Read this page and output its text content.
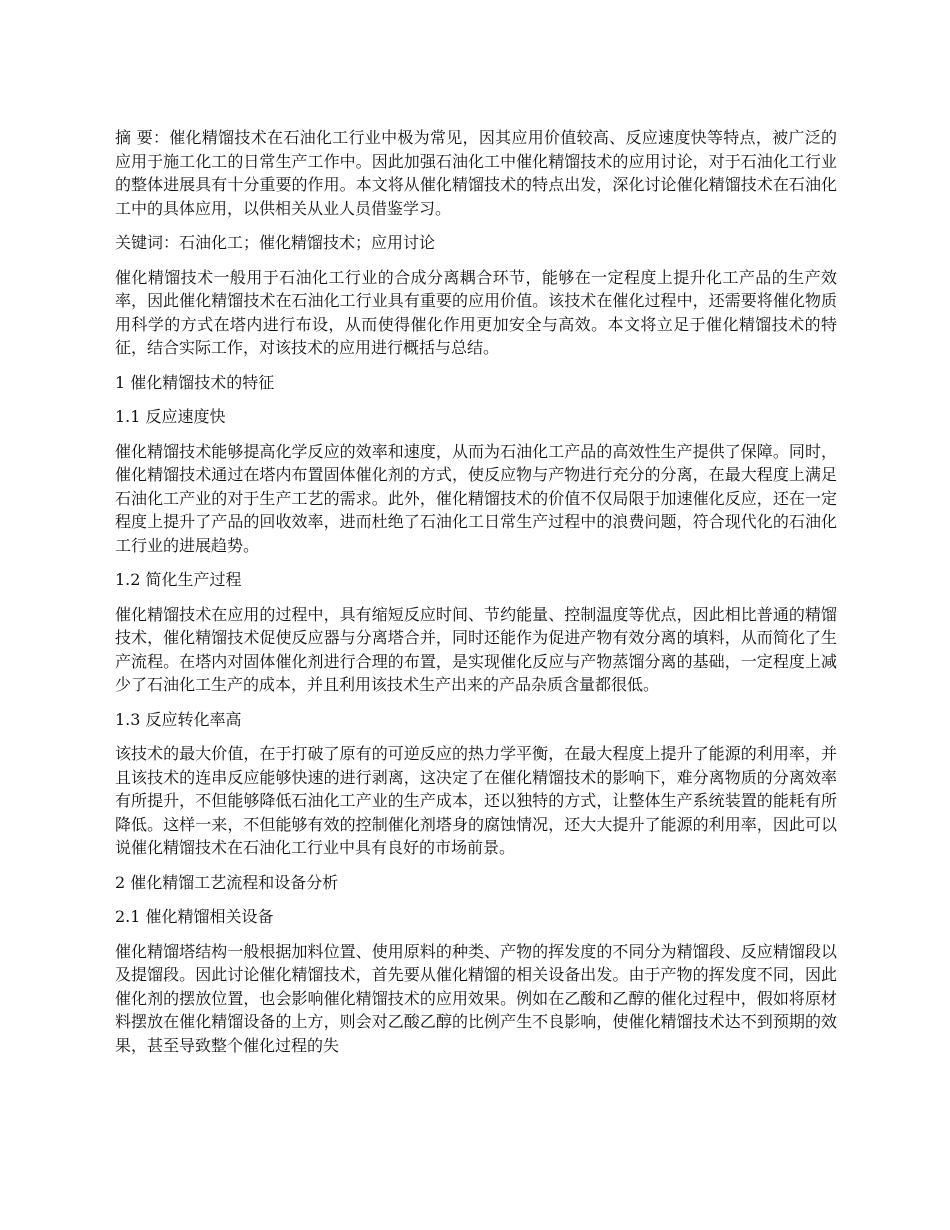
摘 要：催化精馏技术在石油化工行业中极为常见，因其应用价值较高、反应速度快等特点，被广泛的应用于施工化工的日常生产工作中。因此加强石油化工中催化精馏技术的应用讨论，对于石油化工行业的整体进展具有十分重要的作用。本文将从催化精馏技术的特点出发，深化讨论催化精馏技术在石油化工中的具体应用，以供相关从业人员借鉴学习。

关键词：石油化工；催化精馏技术；应用讨论

催化精馏技术一般用于石油化工行业的合成分离耦合环节，能够在一定程度上提升化工产品的生产效率，因此催化精馏技术在石油化工行业具有重要的应用价值。该技术在催化过程中，还需要将催化物质用科学的方式在塔内进行布设，从而使得催化作用更加安全与高效。本文将立足于催化精馏技术的特征，结合实际工作，对该技术的应用进行概括与总结。

1 催化精馏技术的特征

1.1 反应速度快

催化精馏技术能够提高化学反应的效率和速度，从而为石油化工产品的高效性生产提供了保障。同时，催化精馏技术通过在塔内布置固体催化剂的方式，使反应物与产物进行充分的分离，在最大程度上满足石油化工产业的对于生产工艺的需求。此外，催化精馏技术的价值不仅局限于加速催化反应，还在一定程度上提升了产品的回收效率，进而杜绝了石油化工日常生产过程中的浪费问题，符合现代化的石油化工行业的进展趋势。

1.2 简化生产过程

催化精馏技术在应用的过程中，具有缩短反应时间、节约能量、控制温度等优点，因此相比普通的精馏技术，催化精馏技术促使反应器与分离塔合并，同时还能作为促进产物有效分离的填料，从而简化了生产流程。在塔内对固体催化剂进行合理的布置，是实现催化反应与产物蒸馏分离的基础，一定程度上减少了石油化工生产的成本，并且利用该技术生产出来的产品杂质含量都很低。

1.3 反应转化率高

该技术的最大价值，在于打破了原有的可逆反应的热力学平衡，在最大程度上提升了能源的利用率，并且该技术的连串反应能够快速的进行剥离，这决定了在催化精馏技术的影响下，难分离物质的分离效率有所提升，不但能够降低石油化工产业的生产成本，还以独特的方式，让整体生产系统装置的能耗有所降低。这样一来，不但能够有效的控制催化剂塔身的腐蚀情况，还大大提升了能源的利用率，因此可以说催化精馏技术在石油化工行业中具有良好的市场前景。

2 催化精馏工艺流程和设备分析

2.1 催化精馏相关设备

催化精馏塔结构一般根据加料位置、使用原料的种类、产物的挥发度的不同分为精馏段、反应精馏段以及提馏段。因此讨论催化精馏技术，首先要从催化精馏的相关设备出发。由于产物的挥发度不同，因此催化剂的摆放位置，也会影响催化精馏技术的应用效果。例如在乙酸和乙醇的催化过程中，假如将原材料摆放在催化精馏设备的上方，则会对乙酸乙醇的比例产生不良影响，使催化精馏技术达不到预期的效果，甚至导致整个催化过程的失
